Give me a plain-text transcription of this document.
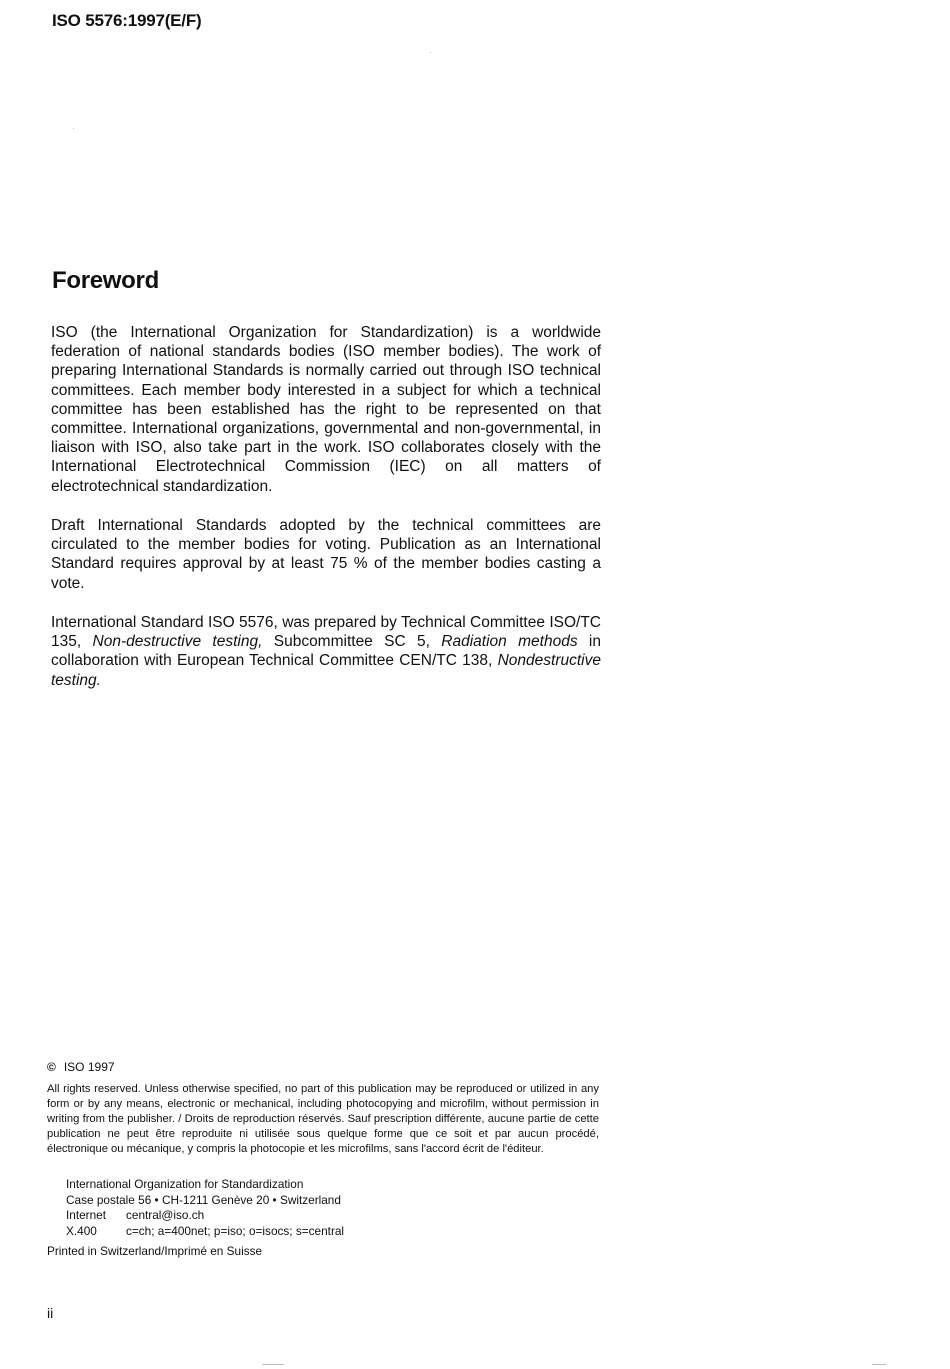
ISO 5576:1997(E/F)
Foreword

ISO (the International Organization for Standardization) is a worldwide federation of national standards bodies (ISO member bodies). The work of preparing International Standards is normally carried out through ISO technical committees. Each member body interested in a subject for which a technical committee has been established has the right to be represented on that committee. International organizations, governmental and non-governmental, in liaison with ISO, also take part in the work. ISO collaborates closely with the International Electrotechnical Commission (IEC) on all matters of electrotechnical standardization.

Draft International Standards adopted by the technical committees are circulated to the member bodies for voting. Publication as an International Standard requires approval by at least 75 % of the member bodies casting a vote.

International Standard ISO 5576, was prepared by Technical Committee ISO/TC 135, Non-destructive testing, Subcommittee SC 5, Radiation methods in collaboration with European Technical Committee CEN/TC 138, Nondestructive testing.

© ISO 1997

All rights reserved. Unless otherwise specified, no part of this publication may be reproduced or utilized in any form or by any means, electronic or mechanical, including photocopying and microfilm, without permission in writing from the publisher. / Droits de reproduction réservés. Sauf prescription différente, aucune partie de cette publication ne peut être reproduite ni utilisée sous quelque forme que ce soit et par aucun procédé, électronique ou mécanique, y compris la photocopie et les microfilms, sans l'accord écrit de l'éditeur.

International Organization for Standardization
Case postale 56 • CH-1211 Genève 20 • Switzerland
Internet central@iso.ch
X.400 c=ch; a=400net; p=iso; o=isocs; s=central
Printed in Switzerland/Imprimé en Suisse
ii
